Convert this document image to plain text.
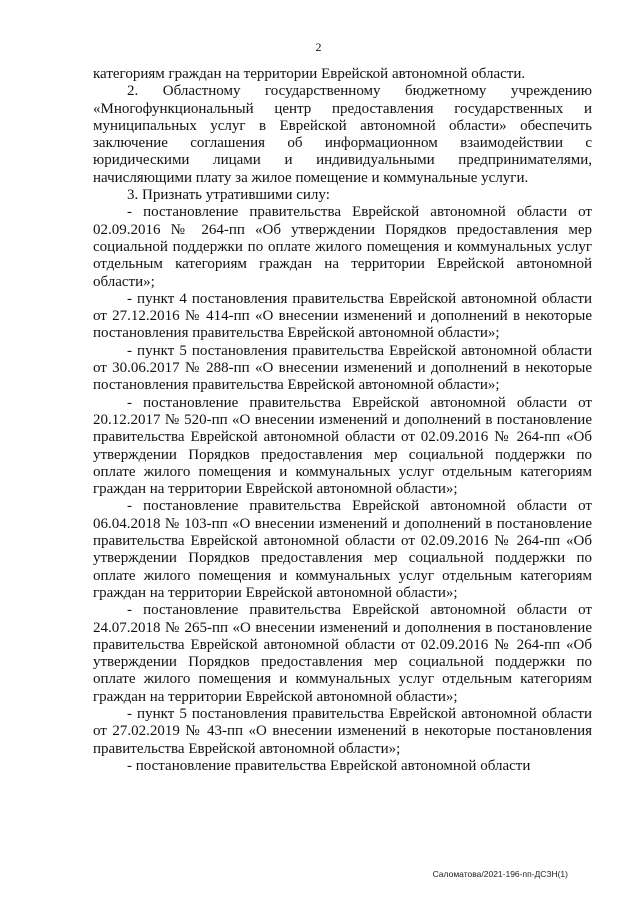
2

категориям граждан на территории Еврейской автономной области.

2. Областному государственному бюджетному учреждению «Многофункциональный центр предоставления государственных и муниципальных услуг в Еврейской автономной области» обеспечить заключение соглашения об информационном взаимодействии с юридическими лицами и индивидуальными предпринимателями, начисляющими плату за жилое помещение и коммунальные услуги.

3. Признать утратившими силу:

- постановление правительства Еврейской автономной области от 02.09.2016 № 264-пп «Об утверждении Порядков предоставления мер социальной поддержки по оплате жилого помещения и коммунальных услуг отдельным категориям граждан на территории Еврейской автономной области»;

- пункт 4 постановления правительства Еврейской автономной области от 27.12.2016 № 414-пп «О внесении изменений и дополнений в некоторые постановления правительства Еврейской автономной области»;

- пункт 5 постановления правительства Еврейской автономной области от 30.06.2017 № 288-пп «О внесении изменений и дополнений в некоторые постановления правительства Еврейской автономной области»;

- постановление правительства Еврейской автономной области от 20.12.2017 № 520-пп «О внесении изменений и дополнений в постановление правительства Еврейской автономной области от 02.09.2016 № 264-пп «Об утверждении Порядков предоставления мер социальной поддержки по оплате жилого помещения и коммунальных услуг отдельным категориям граждан на территории Еврейской автономной области»;

- постановление правительства Еврейской автономной области от 06.04.2018 № 103-пп «О внесении изменений и дополнений в постановление правительства Еврейской автономной области от 02.09.2016 № 264-пп «Об утверждении Порядков предоставления мер социальной поддержки по оплате жилого помещения и коммунальных услуг отдельным категориям граждан на территории Еврейской автономной области»;

- постановление правительства Еврейской автономной области от 24.07.2018 № 265-пп «О внесении изменений и дополнения в постановление правительства Еврейской автономной области от 02.09.2016 № 264-пп «Об утверждении Порядков предоставления мер социальной поддержки по оплате жилого помещения и коммунальных услуг отдельным категориям граждан на территории Еврейской автономной области»;

- пункт 5 постановления правительства Еврейской автономной области от 27.02.2019 № 43-пп «О внесении изменений в некоторые постановления правительства Еврейской автономной области»;

- постановление правительства Еврейской автономной области

Саломатова/2021-196-пп-ДСЗН(1)
